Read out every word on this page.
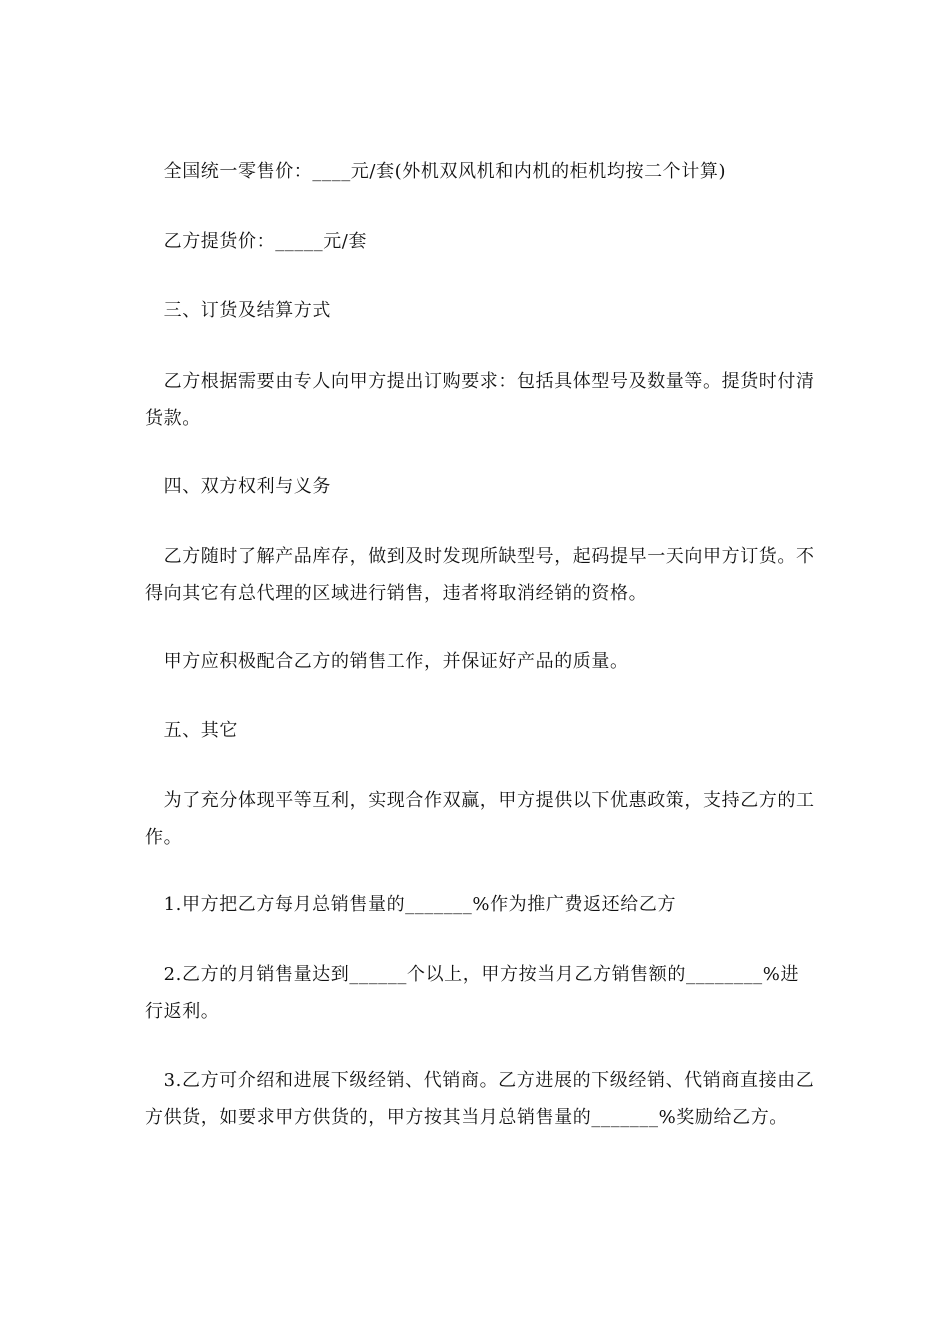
　全国统一零售价：____元/套(外机双风机和内机的柜机均按二个计算)

　乙方提货价：_____元/套

　三、订货及结算方式

　乙方根据需要由专人向甲方提出订购要求：包括具体型号及数量等。提货时付清货款。

　四、双方权利与义务

　乙方随时了解产品库存，做到及时发现所缺型号，起码提早一天向甲方订货。不得向其它有总代理的区域进行销售，违者将取消经销的资格。

　甲方应积极配合乙方的销售工作，并保证好产品的质量。

　五、其它

　为了充分体现平等互利，实现合作双赢，甲方提供以下优惠政策，支持乙方的工作。

　1.甲方把乙方每月总销售量的_______%作为推广费返还给乙方

　2.乙方的月销售量达到______个以上，甲方按当月乙方销售额的________%进行返利。

　3.乙方可介绍和进展下级经销、代销商。乙方进展的下级经销、代销商直接由乙方供货，如要求甲方供货的，甲方按其当月总销售量的_______%奖励给乙方。
